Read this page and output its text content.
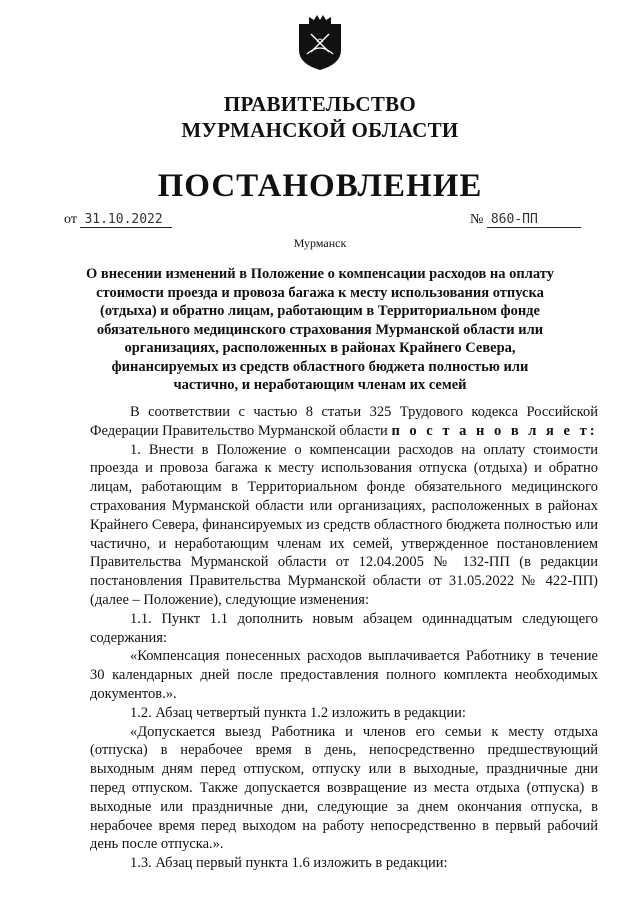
ПРАВИТЕЛЬСТВО
МУРМАНСКОЙ ОБЛАСТИ
ПОСТАНОВЛЕНИЕ
от 31.10.2022	№ 860-ПП
Мурманск
О внесении изменений в Положение о компенсации расходов на оплату
стоимости проезда и провоза багажа к месту использования отпуска
(отдыха) и обратно лицам, работающим в Территориальном фонде
обязательного медицинского страхования Мурманской области или
организациях, расположенных в районах Крайнего Севера,
финансируемых из средств областного бюджета полностью или
частично, и неработающим членам их семей

В соответствии с частью 8 статьи 325 Трудового кодекса Российской Федерации Правительство Мурманской области п о с т а н о в л я е т:

1. Внести в Положение о компенсации расходов на оплату стоимости проезда и провоза багажа к месту использования отпуска (отдыха) и обратно лицам, работающим в Территориальном фонде обязательного медицинского страхования Мурманской области или организациях, расположенных в районах Крайнего Севера, финансируемых из средств областного бюджета полностью или частично, и неработающим членам их семей, утвержденное постановлением Правительства Мурманской области от 12.04.2005 № 132-ПП (в редакции постановления Правительства Мурманской области от 31.05.2022 № 422-ПП) (далее – Положение), следующие изменения:

1.1. Пункт 1.1 дополнить новым абзацем одиннадцатым следующего содержания:

«Компенсация понесенных расходов выплачивается Работнику в течение 30 календарных дней после предоставления полного комплекта необходимых документов.».

1.2. Абзац четвертый пункта 1.2 изложить в редакции:

«Допускается выезд Работника и членов его семьи к месту отдыха (отпуска) в нерабочее время в день, непосредственно предшествующий выходным дням перед отпуском, отпуску или в выходные, праздничные дни перед отпуском. Также допускается возвращение из места отдыха (отпуска) в выходные или праздничные дни, следующие за днем окончания отпуска, в нерабочее время перед выходом на работу непосредственно в первый рабочий день после отпуска.».

1.3. Абзац первый пункта 1.6 изложить в редакции:
